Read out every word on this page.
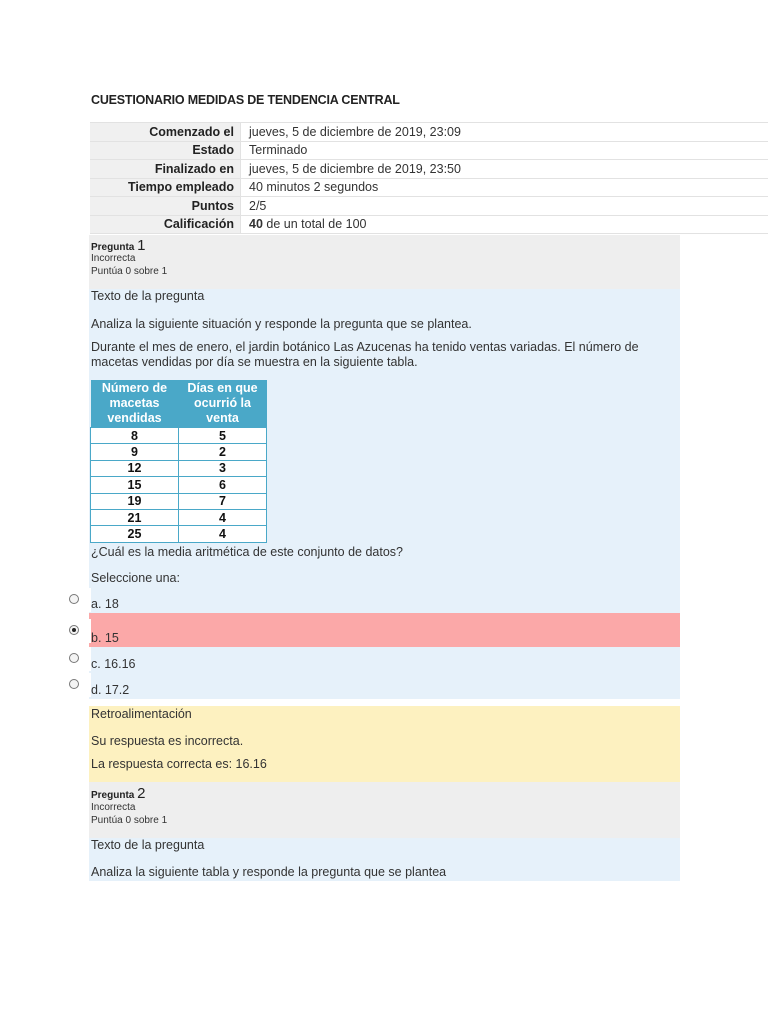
CUESTIONARIO MEDIDAS DE TENDENCIA CENTRAL
Comenzado el	jueves, 5 de diciembre de 2019, 23:09
Estado	Terminado
Finalizado en	jueves, 5 de diciembre de 2019, 23:50
Tiempo empleado	40 minutos 2 segundos
Puntos	2/5
Calificación	40 de un total de 100
Pregunta 1
Incorrecta
Puntúa 0 sobre 1
Texto de la pregunta
Analiza la siguiente situación y responde la pregunta que se plantea.
Durante el mes de enero, el jardin botánico Las Azucenas ha tenido ventas variadas. El número de
macetas vendidas por día se muestra en la siguiente tabla.
Número de macetas vendidas	Días en que ocurrió la venta
8	5
9	2
12	3
15	6
19	7
21	4
25	4
¿Cuál es la media aritmética de este conjunto de datos?
Seleccione una:
a. 18
b. 15
c. 16.16
d. 17.2
Retroalimentación
Su respuesta es incorrecta.
La respuesta correcta es: 16.16
Pregunta 2
Incorrecta
Puntúa 0 sobre 1
Texto de la pregunta
Analiza la siguiente tabla y responde la pregunta que se plantea
